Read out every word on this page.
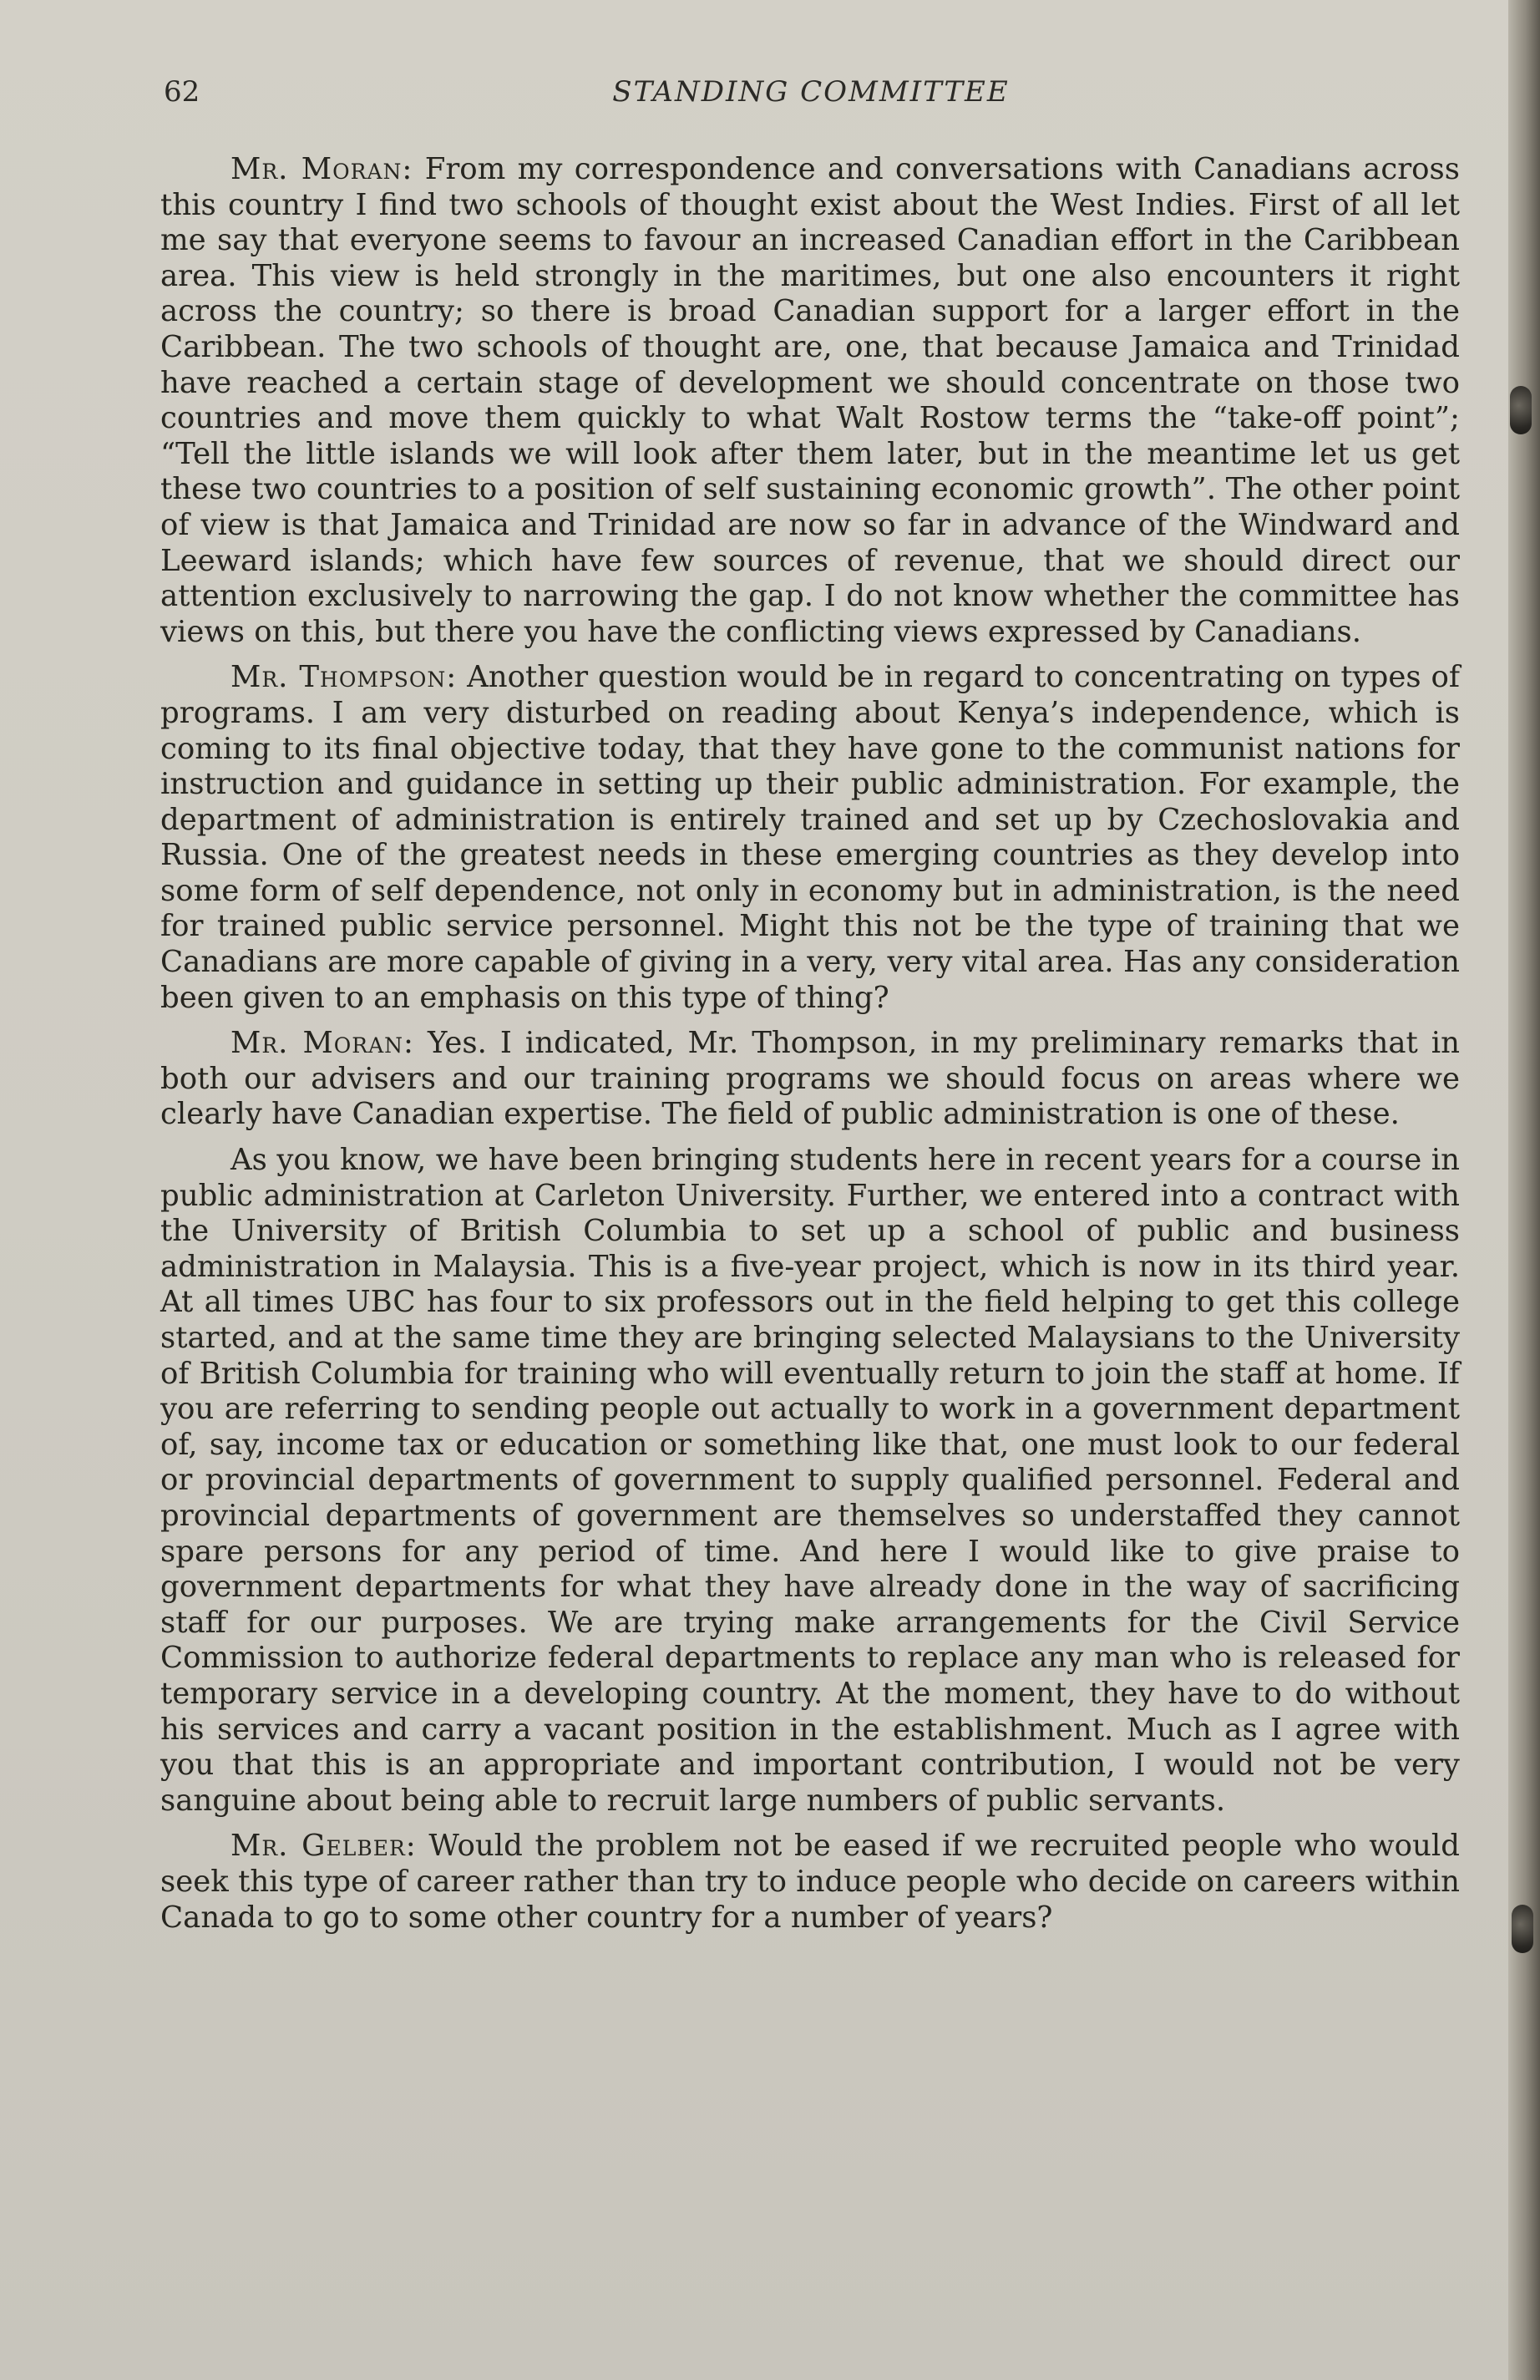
62	STANDING COMMITTEE

Mr. Moran: From my correspondence and conversations with Canadians across this country I find two schools of thought exist about the West Indies. First of all let me say that everyone seems to favour an increased Canadian effort in the Caribbean area. This view is held strongly in the maritimes, but one also encounters it right across the country; so there is broad Canadian support for a larger effort in the Caribbean. The two schools of thought are, one, that because Jamaica and Trinidad have reached a certain stage of development we should concentrate on those two countries and move them quickly to what Walt Rostow terms the “take-off point”; “Tell the little islands we will look after them later, but in the meantime let us get these two countries to a position of self sustaining economic growth”. The other point of view is that Jamaica and Trinidad are now so far in advance of the Windward and Leeward islands; which have few sources of revenue, that we should direct our attention exclusively to narrowing the gap. I do not know whether the committee has views on this, but there you have the conflicting views expressed by Canadians.

Mr. Thompson: Another question would be in regard to concentrating on types of programs. I am very disturbed on reading about Kenya’s independence, which is coming to its final objective today, that they have gone to the communist nations for instruction and guidance in setting up their public administration. For example, the department of administration is entirely trained and set up by Czechoslovakia and Russia. One of the greatest needs in these emerging countries as they develop into some form of self dependence, not only in economy but in administration, is the need for trained public service personnel. Might this not be the type of training that we Canadians are more capable of giving in a very, very vital area. Has any consideration been given to an emphasis on this type of thing?

Mr. Moran: Yes. I indicated, Mr. Thompson, in my preliminary remarks that in both our advisers and our training programs we should focus on areas where we clearly have Canadian expertise. The field of public administration is one of these.

As you know, we have been bringing students here in recent years for a course in public administration at Carleton University. Further, we entered into a contract with the University of British Columbia to set up a school of public and business administration in Malaysia. This is a five-year project, which is now in its third year. At all times UBC has four to six professors out in the field helping to get this college started, and at the same time they are bringing selected Malaysians to the University of British Columbia for training who will eventually return to join the staff at home. If you are referring to sending people out actually to work in a government department of, say, income tax or education or something like that, one must look to our federal or provincial departments of government to supply qualified personnel. Federal and provincial departments of government are themselves so understaffed they cannot spare persons for any period of time. And here I would like to give praise to government departments for what they have already done in the way of sacrificing staff for our purposes. We are trying make arrangements for the Civil Service Commission to authorize federal departments to replace any man who is released for temporary service in a developing country. At the moment, they have to do without his services and carry a vacant position in the establishment. Much as I agree with you that this is an appropriate and important contribution, I would not be very sanguine about being able to recruit large numbers of public servants.

Mr. Gelber: Would the problem not be eased if we recruited people who would seek this type of career rather than try to induce people who decide on careers within Canada to go to some other country for a number of years?
